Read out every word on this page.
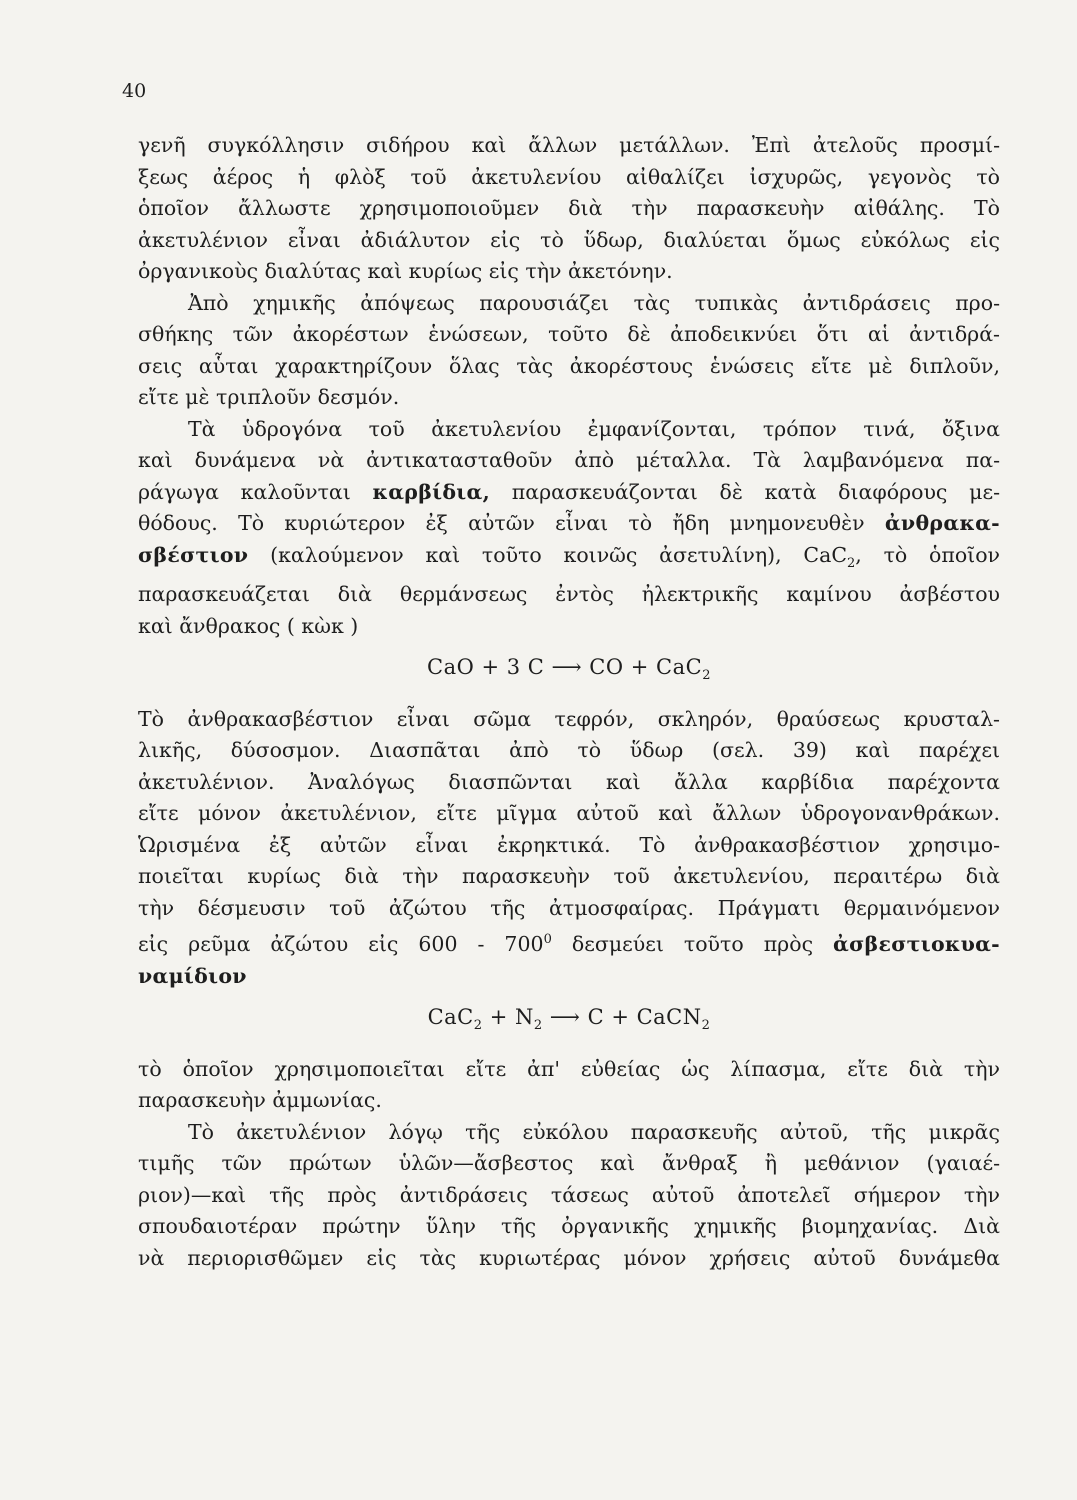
40
γενῆ συγκόλλησιν σιδήρου καὶ ἄλλων μετάλλων. Ἐπὶ ἀτελοῦς προσμί-
ξεως ἀέρος ἡ φλὸξ τοῦ ἀκετυλενίου αἰθαλίζει ἰσχυρῶς, γεγονὸς τὸ
ὁποῖον ἄλλωστε χρησιμοποιοῦμεν διὰ τὴν παρασκευὴν αἰθάλης. Τὸ
ἀκετυλένιον εἶναι ἀδιάλυτον εἰς τὸ ὕδωρ, διαλύεται ὅμως εὐκόλως εἰς
ὀργανικοὺς διαλύτας καὶ κυρίως εἰς τὴν ἀκετόνην.
Ἀπὸ χημικῆς ἀπόψεως παρουσιάζει τὰς τυπικὰς ἀντιδράσεις προ-
σθήκης τῶν ἀκορέστων ἑνώσεων, τοῦτο δὲ ἀποδεικνύει ὅτι αἱ ἀντιδρά-
σεις αὗται χαρακτηρίζουν ὅλας τὰς ἀκορέστους ἑνώσεις εἴτε μὲ διπλοῦν,
εἴτε μὲ τριπλοῦν δεσμόν.
Τὰ ὑδρογόνα τοῦ ἀκετυλενίου ἐμφανίζονται, τρόπον τινά, ὄξινα
καὶ δυνάμενα νὰ ἀντικατασταθοῦν ἀπὸ μέταλλα. Τὰ λαμβανόμενα πα-
ράγωγα καλοῦνται καρβίδια, παρασκευάζονται δὲ κατὰ διαφόρους με-
θόδους. Τὸ κυριώτερον ἐξ αὐτῶν εἶναι τὸ ἤδη μνημονευθὲν ἀνθρακα-
σβέστιον (καλούμενον καὶ τοῦτο κοινῶς ἀσετυλίνη), CaC$_2$, τὸ ὁποῖον
παρασκευάζεται διὰ θερμάνσεως ἐντὸς ἠλεκτρικῆς καμίνου ἀσβέστου
καὶ ἄνθρακος ( κὼκ )
CaO + 3 C ⟶ CO + CaC$_2$
Τὸ ἀνθρακασβέστιον εἶναι σῶμα τεφρόν, σκληρόν, θραύσεως κρυσταλ-
λικῆς, δύσοσμον. Διασπᾶται ἀπὸ τὸ ὕδωρ (σελ. 39) καὶ παρέχει
ἀκετυλένιον. Ἀναλόγως διασπῶνται καὶ ἄλλα καρβίδια παρέχοντα
εἴτε μόνον ἀκετυλένιον, εἴτε μῖγμα αὐτοῦ καὶ ἄλλων ὑδρογονανθράκων.
Ὡρισμένα ἐξ αὐτῶν εἶναι ἐκρηκτικά. Τὸ ἀνθρακασβέστιον χρησιμο-
ποιεῖται κυρίως διὰ τὴν παρασκευὴν τοῦ ἀκετυλενίου, περαιτέρω διὰ
τὴν δέσμευσιν τοῦ ἀζώτου τῆς ἀτμοσφαίρας. Πράγματι θερμαινόμενον
εἰς ρεῦμα ἀζώτου εἰς $600 - 700^0$ δεσμεύει τοῦτο πρὸς ἀσβεστιοκυα-
ναμίδιον
$CaC_2 + N_2$ ⟶ C + CaCN$_2$
τὸ ὁποῖον χρησιμοποιεῖται εἴτε ἀπ' εὐθείας ὡς λίπασμα, εἴτε διὰ τὴν
παρασκευὴν ἀμμωνίας.
Τὸ ἀκετυλένιον λόγῳ τῆς εὐκόλου παρασκευῆς αὐτοῦ, τῆς μικρᾶς
τιμῆς τῶν πρώτων ὑλῶν—ἄσβεστος καὶ ἄνθραξ ἢ μεθάνιον (γαιαέ-
ριον)—καὶ τῆς πρὸς ἀντιδράσεις τάσεως αὐτοῦ ἀποτελεῖ σήμερον τὴν
σπουδαιοτέραν πρώτην ὕλην τῆς ὀργανικῆς χημικῆς βιομηχανίας. Διὰ
νὰ περιορισθῶμεν εἰς τὰς κυριωτέρας μόνον χρήσεις αὐτοῦ δυνάμεθα
